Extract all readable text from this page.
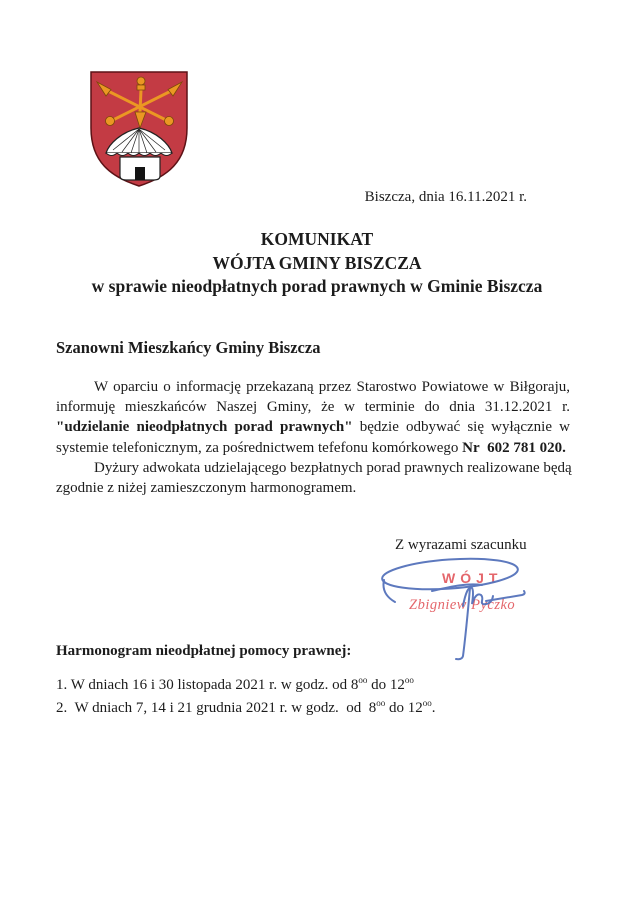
Biszcza, dnia 16.11.2021 r.
KOMUNIKAT
WÓJTA GMINY BISZCZA
w sprawie nieodpłatnych porad prawnych w Gminie Biszcza
Szanowni Mieszkańcy Gminy Biszcza
W oparciu o informację przekazaną przez Starostwo Powiatowe w Biłgoraju,
informuję mieszkańców Naszej Gminy, że w terminie do dnia 31.12.2021 r.
"udzielanie nieodpłatnych porad prawnych" będzie odbywać się wyłącznie w
systemie telefonicznym, za pośrednictwem tefefonu komórkowego Nr  602 781 020.
Dyżury adwokata udzielającego bezpłatnych porad prawnych realizowane będą
zgodnie z niżej zamieszczonym harmonogramem.
Z wyrazami szacunku
WÓJT
Zbigniew Pyczko
Harmonogram nieodpłatnej pomocy prawnej:
1. W dniach 16 i 30 listopada 2021 r. w godz. od $8^{oo}$ do $12^{oo}$
2.  W dniach 7, 14 i 21 grudnia 2021 r. w godz.  od  $8^{oo}$ do $12^{oo}$.
